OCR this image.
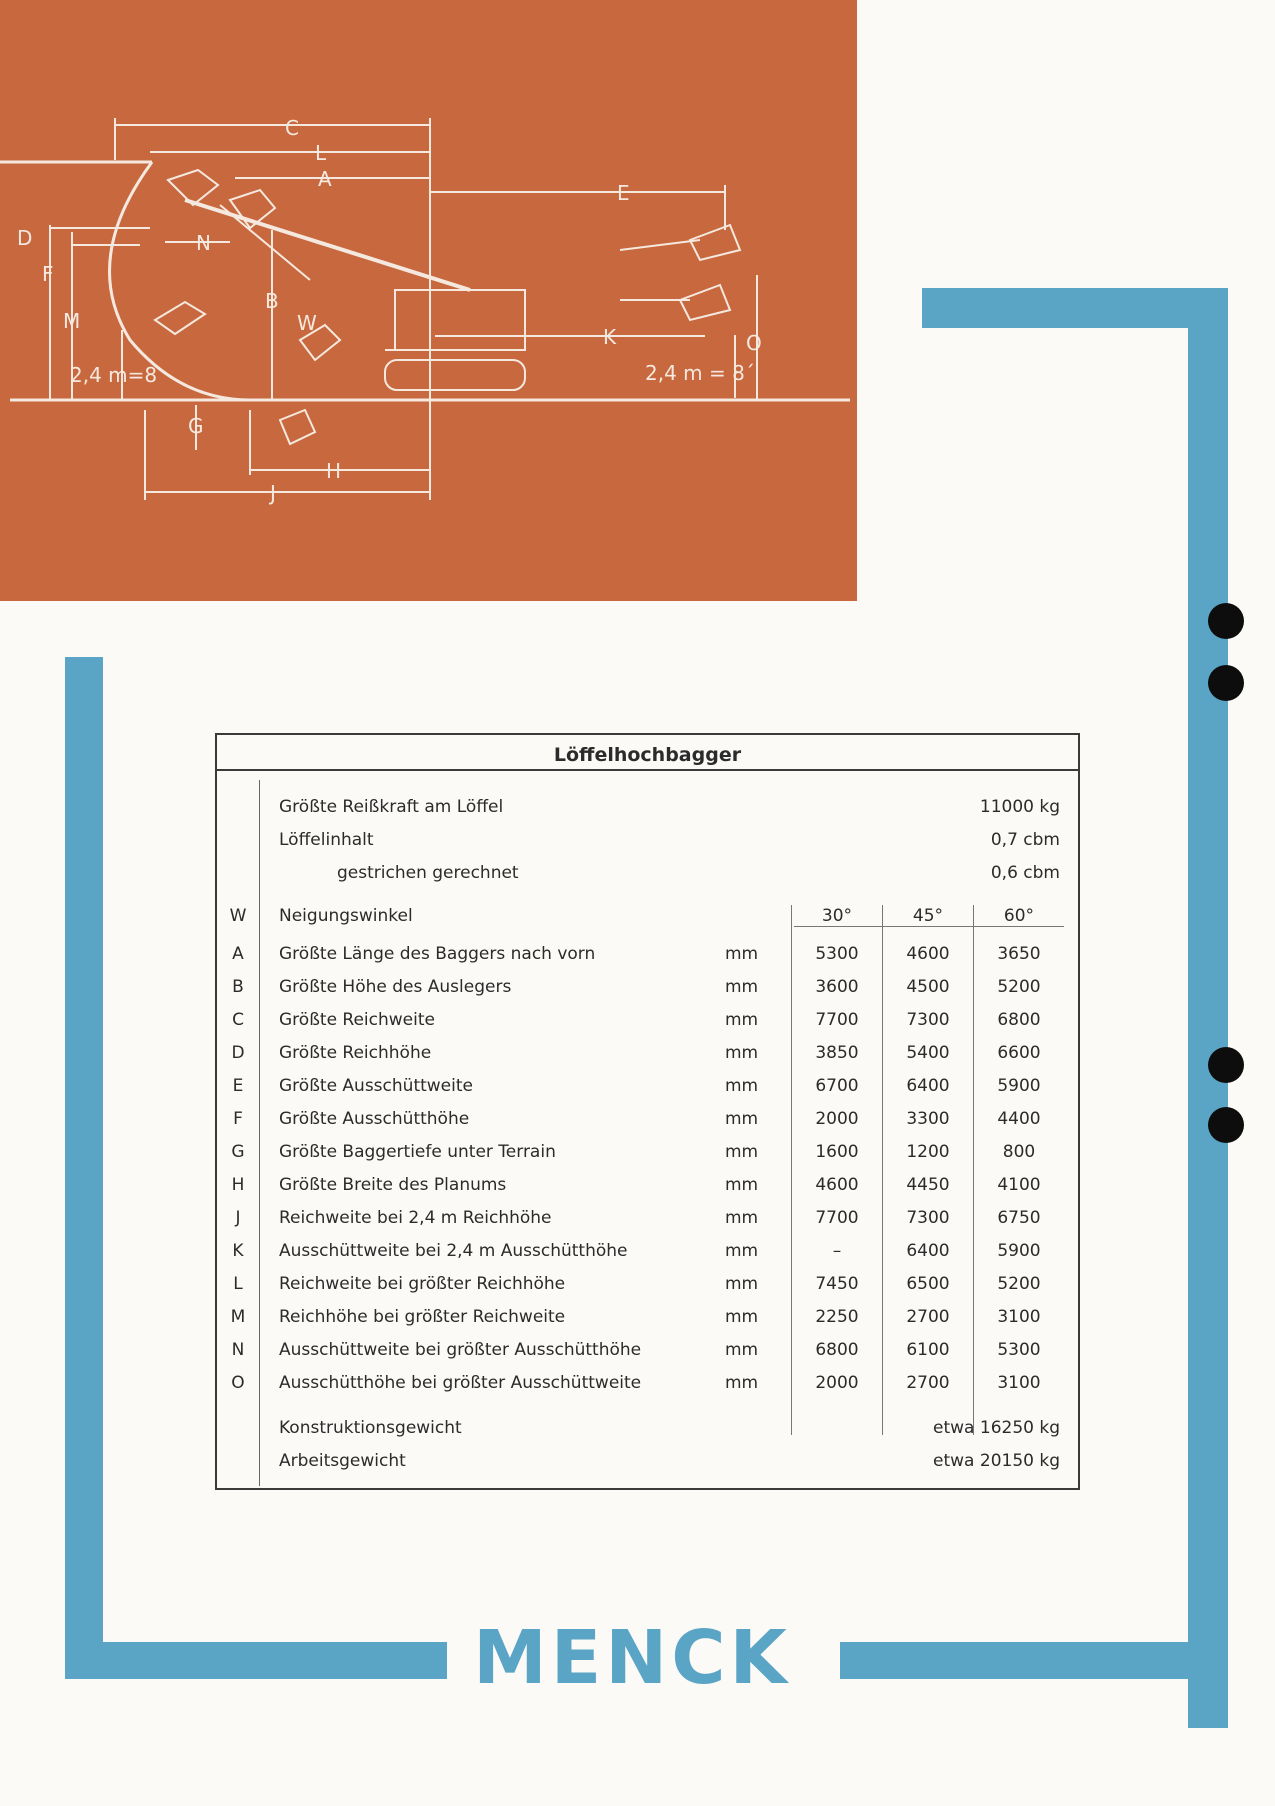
C
L
A
E
D
F
N
M
B
W
K	O
G
H
J
2,4 m=8	2,4 m = 8´
Löffelhochbagger
Größte Reißkraft am Löffel	11000 kg
Löffelinhalt	0,7 cbm
gestrichen gerechnet	0,6 cbm
W	Neigungswinkel	30°	45°	60°
Konstruktionsgewicht	etwa 16250 kg
Arbeitsgewicht	etwa 20150 kg
A	Größte Länge des Baggers nach vorn	mm	5300	4600	3650
B	Größte Höhe des Auslegers	mm	3600	4500	5200
C	Größte Reichweite	mm	7700	7300	6800
D	Größte Reichhöhe	mm	3850	5400	6600
E	Größte Ausschüttweite	mm	6700	6400	5900
F	Größte Ausschütthöhe	mm	2000	3300	4400
G	Größte Baggertiefe unter Terrain	mm	1600	1200	800
H	Größte Breite des Planums	mm	4600	4450	4100
J	Reichweite bei 2,4 m Reichhöhe	mm	7700	7300	6750
K	Ausschüttweite bei 2,4 m Ausschütthöhe	mm	–	6400	5900
L	Reichweite bei größter Reichhöhe	mm	7450	6500	5200
M	Reichhöhe bei größter Reichweite	mm	2250	2700	3100
N	Ausschüttweite bei größter Ausschütthöhe	mm	6800	6100	5300
O	Ausschütthöhe bei größter Ausschüttweite	mm	2000	2700	3100
MENCK
